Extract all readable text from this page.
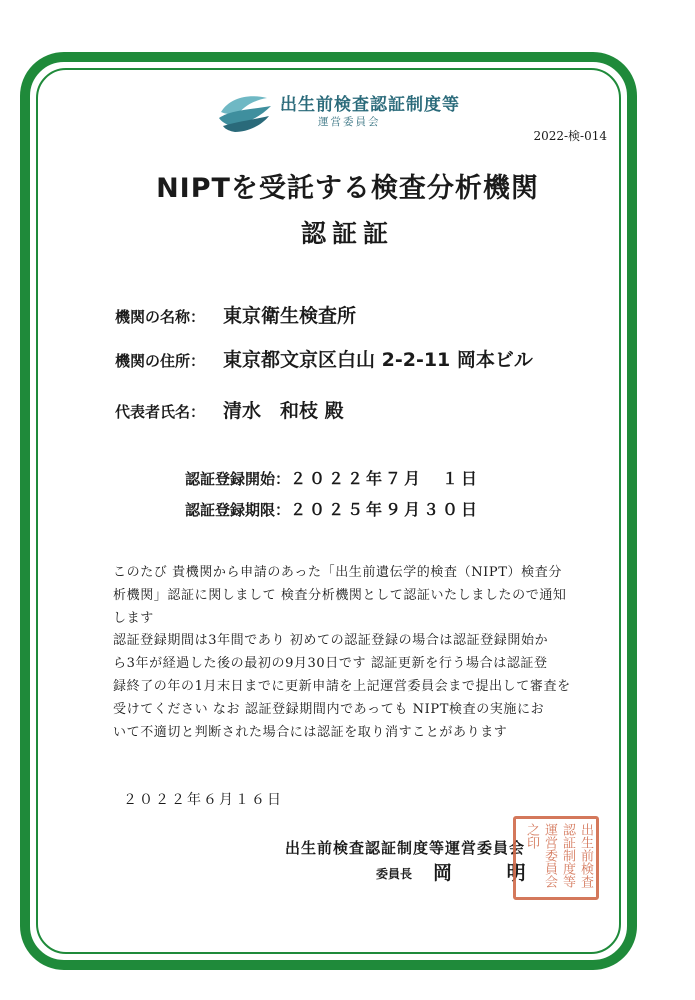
出生前検査認証制度等
運営委員会
2022-検-014
NIPTを受託する検査分析機関
認証証
機関の名称： 東京衛生検査所
機関の住所： 東京都文京区白山 2-2-11 岡本ビル
代表者氏名： 清水　和枝 殿
認証登録開始：２０２２年７月　１日
認証登録期限：２０２５年９月３０日

このたび 貴機関から申請のあった「出生前遺伝学的検査（NIPT）検査分

析機関」認証に関しまして 検査分析機関として認証いたしましたので通知

します

認証登録期間は3年間であり 初めての認証登録の場合は認証登録開始か

ら3年が経過した後の最初の9月30日です 認証更新を行う場合は認証登

録終了の年の1月末日までに更新申請を上記運営委員会まで提出して審査を

受けてください なお 認証登録期間内であっても NIPT検査の実施にお

いて不適切と判断された場合には認証を取り消すことがあります

２０２２年６月１６日
出生前検査認証制度等運営委員会
委員長 岡 明	出生前検査認証制度等運営委員会之印
